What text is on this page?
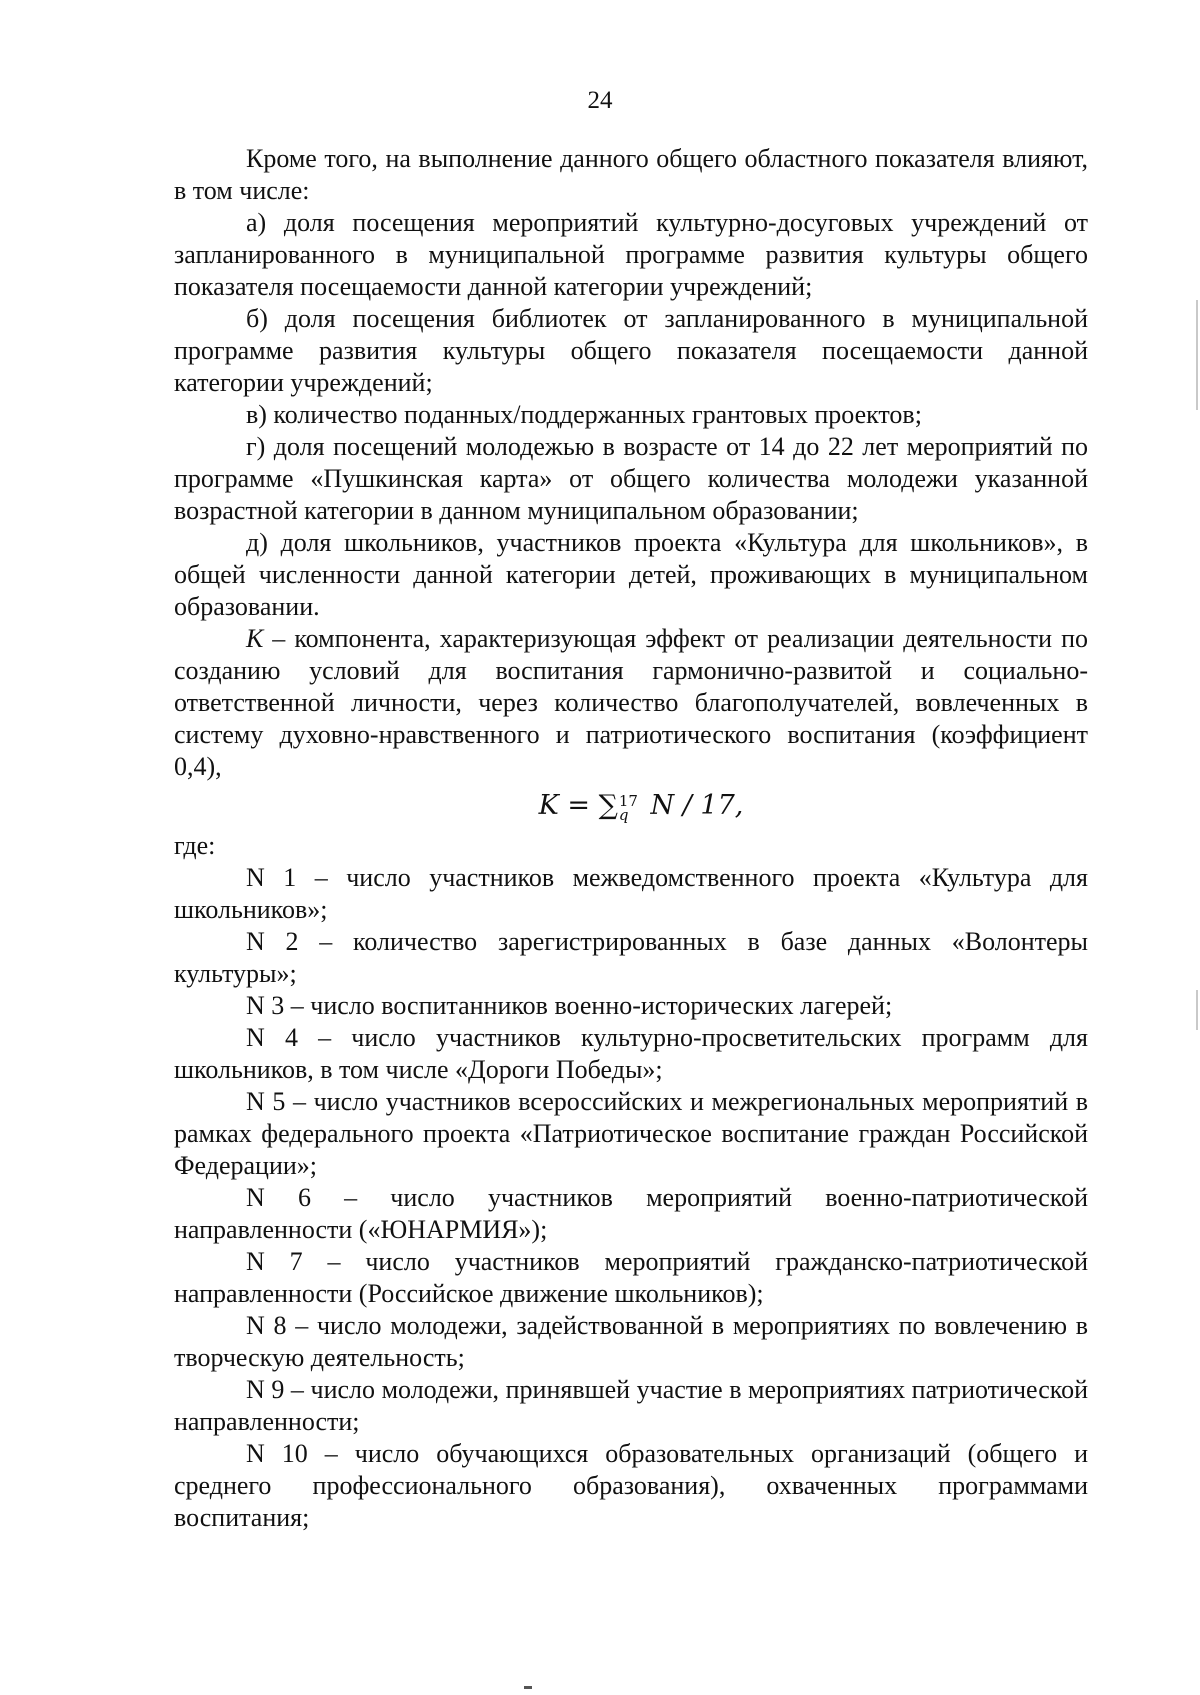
24

Кроме того, на выполнение данного общего областного показателя влияют, в том числе:

а) доля посещения мероприятий культурно-досуговых учреждений от запланированного в муниципальной программе развития культуры общего показателя посещаемости данной категории учреждений;

б) доля посещения библиотек от запланированного в муниципальной программе развития культуры общего показателя посещаемости данной категории учреждений;

в) количество поданных/поддержанных грантовых проектов;

г) доля посещений молодежью в возрасте от 14 до 22 лет мероприятий по программе «Пушкинская карта» от общего количества молодежи указанной возрастной категории в данном муниципальном образовании;

д) доля школьников, участников проекта «Культура для школьников», в общей численности данной категории детей, проживающих в муниципальном образовании.

К – компонента, характеризующая эффект от реализации деятельности по созданию условий для воспитания гармонично-развитой и социально-ответственной личности, через количество благополучателей, вовлеченных в систему духовно-нравственного и патриотического воспитания (коэффициент 0,4),

K = ∑ 17
q N / 17,

где:

N 1 – число участников межведомственного проекта «Культура для школьников»;

N 2 – количество зарегистрированных в базе данных «Волонтеры культуры»;

N 3 – число воспитанников военно-исторических лагерей;

N 4 – число участников культурно-просветительских программ для школьников, в том числе «Дороги Победы»;

N 5 – число участников всероссийских и межрегиональных мероприятий в рамках федерального проекта «Патриотическое воспитание граждан Российской Федерации»;

N 6 – число участников мероприятий военно-патриотической направленности («ЮНАРМИЯ»);

N 7 – число участников мероприятий гражданско-патриотической направленности (Российское движение школьников);

N 8 – число молодежи, задействованной в мероприятиях по вовлечению в творческую деятельность;

N 9 – число молодежи, принявшей участие в мероприятиях патриотической направленности;

N 10 – число обучающихся образовательных организаций (общего и среднего профессионального образования), охваченных программами воспитания;
